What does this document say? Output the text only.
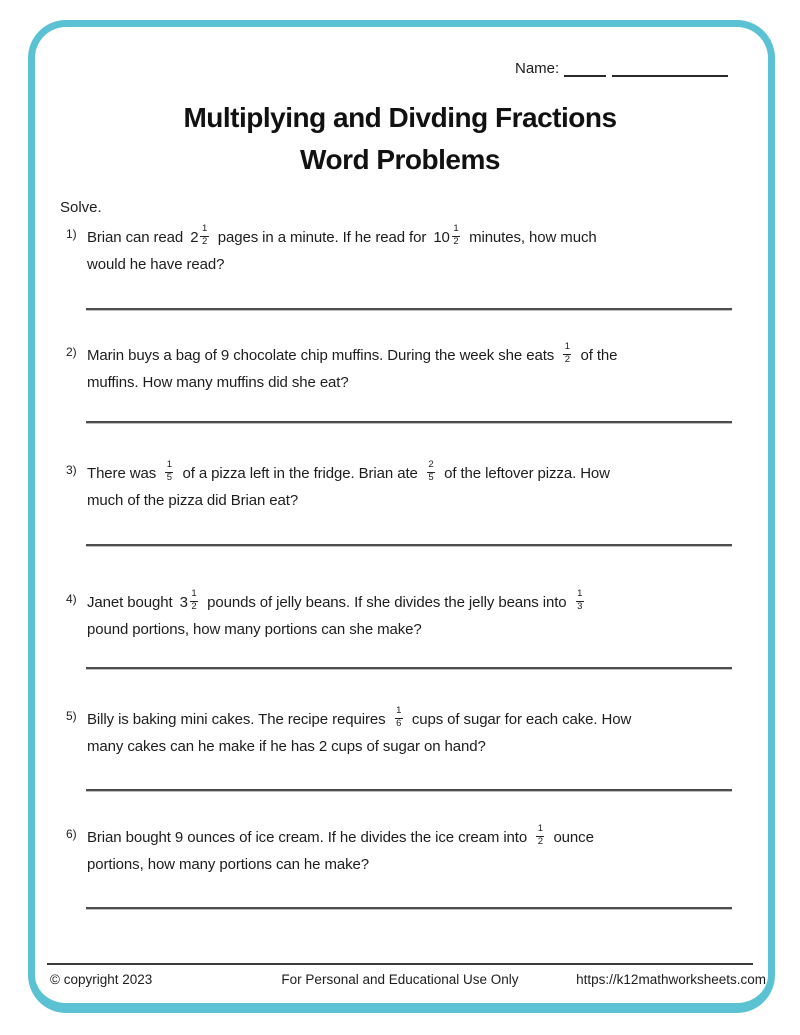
Name:
Multiplying and Divding Fractions
Word Problems
Solve.
1) Brian can read $2 \frac{1}{2}$ pages in a minute. If he read for $10 \frac{1}{2}$ minutes, how much
would he have read?
2) Marin buys a bag of 9 chocolate chip muffins. During the week she eats $\frac{1}{2}$ of the
muffins. How many muffins did she eat?
3) There was $\frac{1}{5}$ of a pizza left in the fridge. Brian ate $\frac{2}{5}$ of the leftover pizza. How
much of the pizza did Brian eat?
4) Janet bought $3 \frac{1}{2}$ pounds of jelly beans. If she divides the jelly beans into $\frac{1}{3}$

pound portions, how many portions can she make?
5) Billy is baking mini cakes. The recipe requires $\frac{1}{6}$ cups of sugar for each cake. How
many cakes can he make if he has 2 cups of sugar on hand?
6) Brian bought 9 ounces of ice cream. If he divides the ice cream into $\frac{1}{2}$ ounce
portions, how many portions can he make?
© copyright 2023	For Personal and Educational Use Only	https://k12mathworksheets.com
